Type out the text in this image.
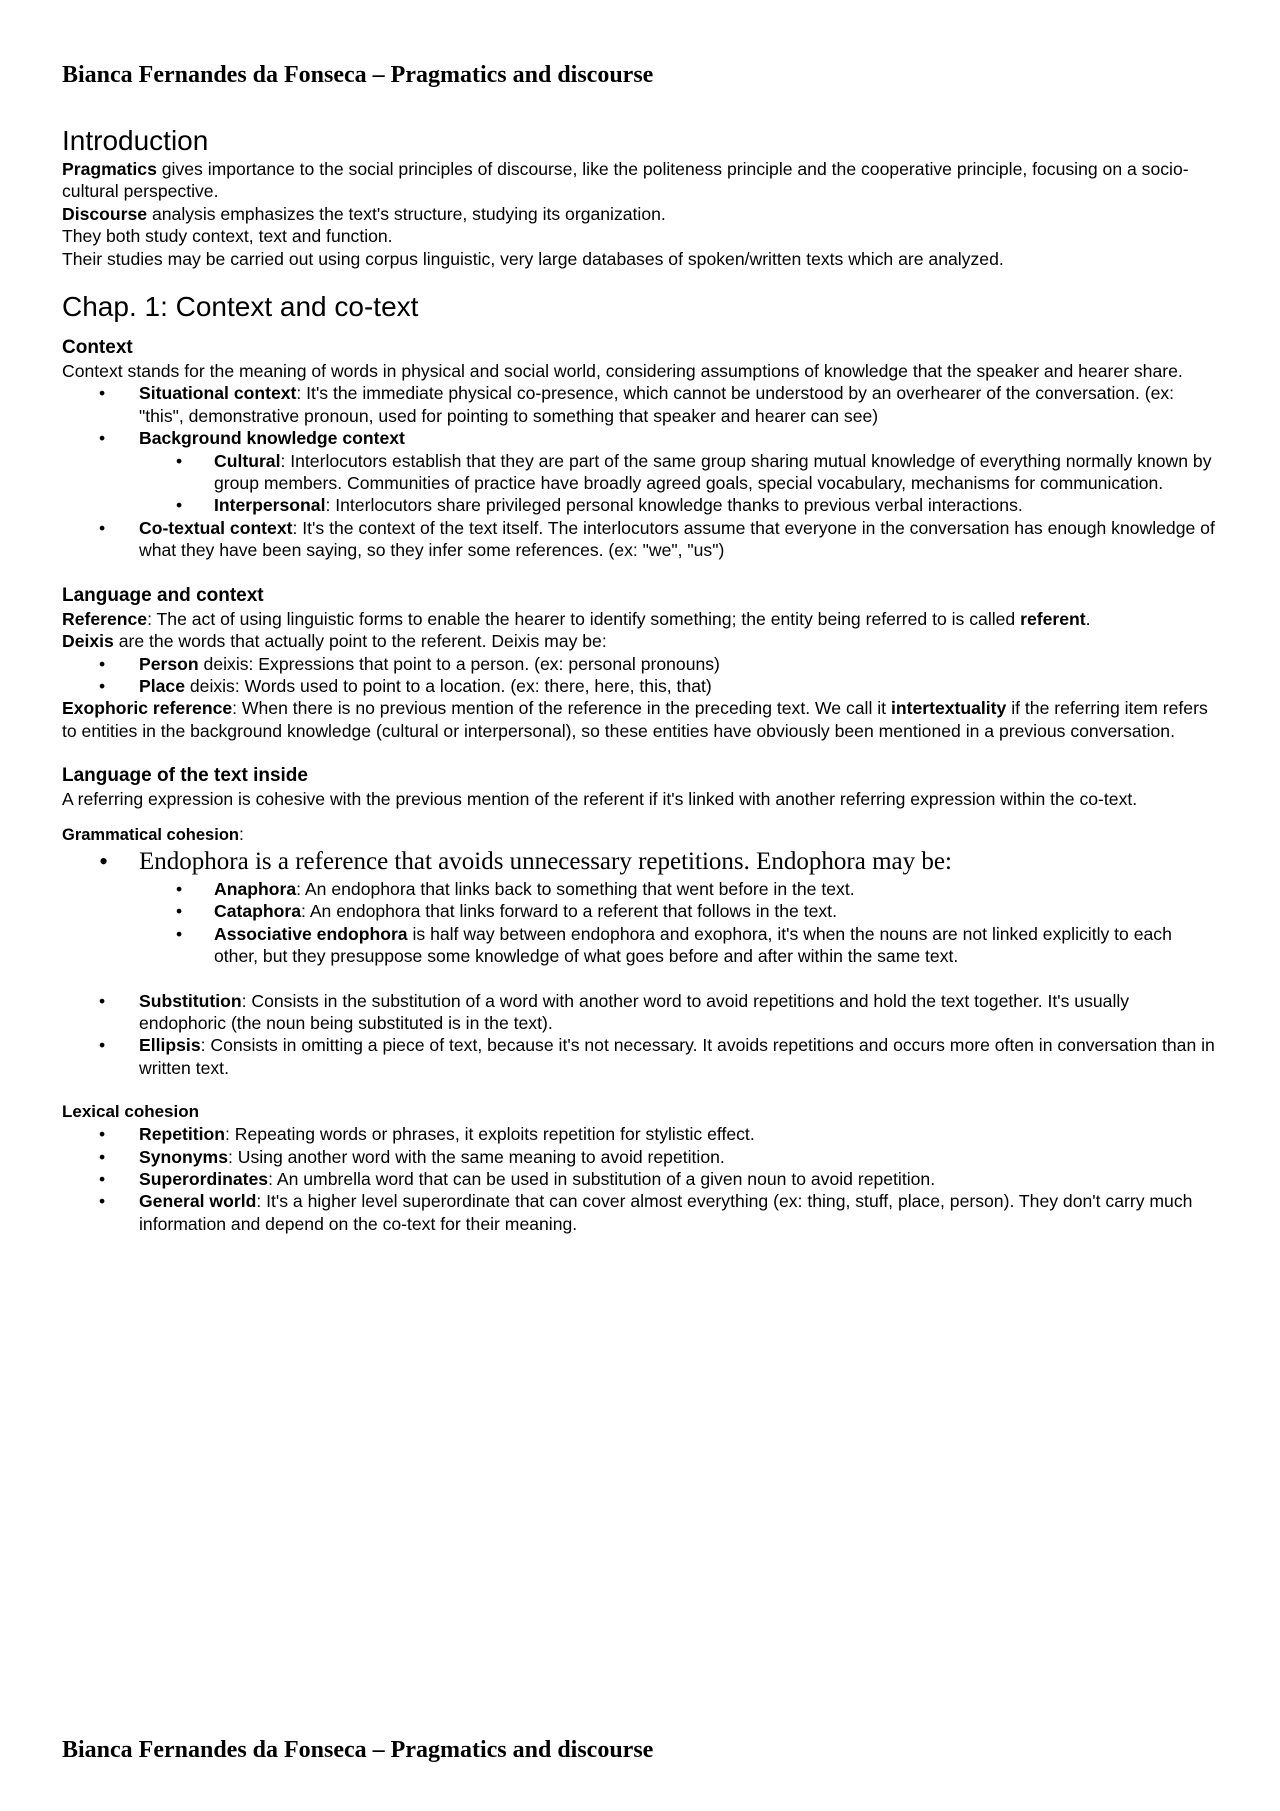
Bianca Fernandes da Fonseca – Pragmatics and discourse
Introduction

Pragmatics gives importance to the social principles of discourse, like the politeness principle and the cooperative principle, focusing on a socio-cultural perspective.

Discourse analysis emphasizes the text's structure, studying its organization.

They both study context, text and function.

Their studies may be carried out using corpus linguistic, very large databases of spoken/written texts which are analyzed.

Chap. 1: Context and co-text
Context

Context stands for the meaning of words in physical and social world, considering assumptions of knowledge that the speaker and hearer share.

• Situational context: It's the immediate physical co-presence, which cannot be understood by an overhearer of the conversation. (ex: "this", demonstrative pronoun, used for pointing to something that speaker and hearer can see)
• Background knowledge context
• Cultural: Interlocutors establish that they are part of the same group sharing mutual knowledge of everything normally known by group members. Communities of practice have broadly agreed goals, special vocabulary, mechanisms for communication.
• Interpersonal: Interlocutors share privileged personal knowledge thanks to previous verbal interactions.
• Co-textual context: It's the context of the text itself. The interlocutors assume that everyone in the conversation has enough knowledge of what they have been saying, so they infer some references. (ex: "we", "us")
Language and context

Reference: The act of using linguistic forms to enable the hearer to identify something; the entity being referred to is called referent.

Deixis are the words that actually point to the referent. Deixis may be:

• Person deixis: Expressions that point to a person. (ex: personal pronouns)
• Place deixis: Words used to point to a location. (ex: there, here, this, that)

Exophoric reference: When there is no previous mention of the reference in the preceding text. We call it intertextuality if the referring item refers to entities in the background knowledge (cultural or interpersonal), so these entities have obviously been mentioned in a previous conversation.

Language of the text inside

A referring expression is cohesive with the previous mention of the referent if it's linked with another referring expression within the co-text.

Grammatical cohesion:

• Endophora is a reference that avoids unnecessary repetitions. Endophora may be:
• Anaphora: An endophora that links back to something that went before in the text.
• Cataphora: An endophora that links forward to a referent that follows in the text.
• Associative endophora is half way between endophora and exophora, it's when the nouns are not linked explicitly to each other, but they presuppose some knowledge of what goes before and after within the same text.
• Substitution: Consists in the substitution of a word with another word to avoid repetitions and hold the text together. It's usually endophoric (the noun being substituted is in the text).
• Ellipsis: Consists in omitting a piece of text, because it's not necessary. It avoids repetitions and occurs more often in conversation than in written text.
Lexical cohesion
• Repetition: Repeating words or phrases, it exploits repetition for stylistic effect.
• Synonyms: Using another word with the same meaning to avoid repetition.
• Superordinates: An umbrella word that can be used in substitution of a given noun to avoid repetition.
• General world: It's a higher level superordinate that can cover almost everything (ex: thing, stuff, place, person). They don't carry much information and depend on the co-text for their meaning.
Bianca Fernandes da Fonseca – Pragmatics and discourse
